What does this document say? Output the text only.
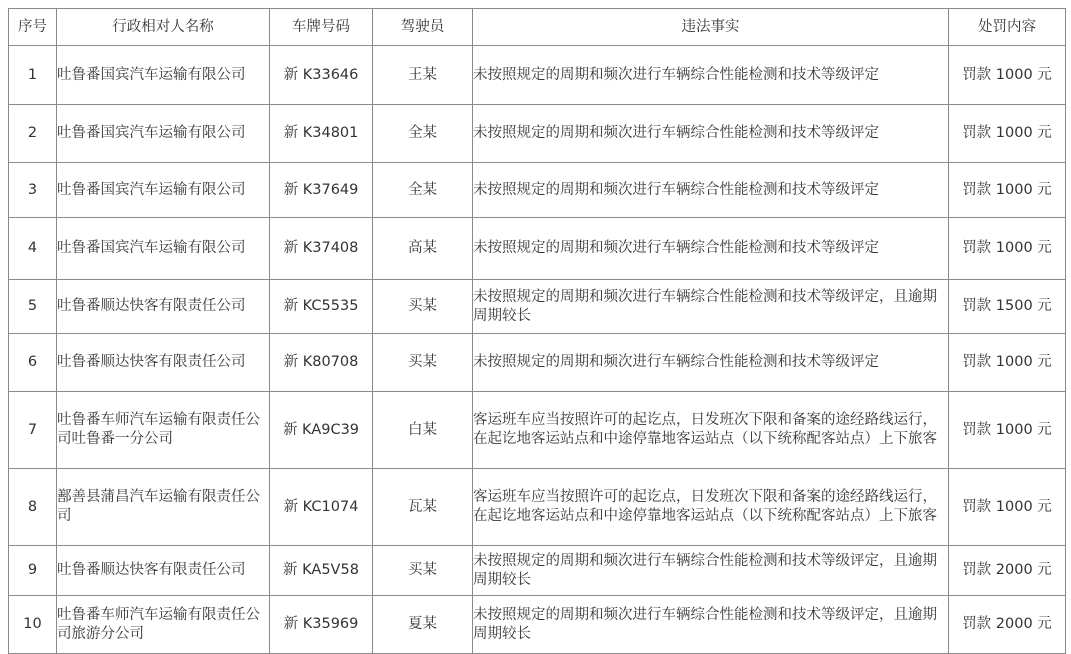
序号	行政相对人名称	车牌号码	驾驶员	违法事实	处罚内容
1	吐鲁番国宾汽车运输有限公司	新 K33646	王某	未按照规定的周期和频次进行车辆综合性能检测和技术等级评定	罚款 1000 元
2	吐鲁番国宾汽车运输有限公司	新 K34801	全某	未按照规定的周期和频次进行车辆综合性能检测和技术等级评定	罚款 1000 元
3	吐鲁番国宾汽车运输有限公司	新 K37649	全某	未按照规定的周期和频次进行车辆综合性能检测和技术等级评定	罚款 1000 元
4	吐鲁番国宾汽车运输有限公司	新 K37408	高某	未按照规定的周期和频次进行车辆综合性能检测和技术等级评定	罚款 1000 元
5	吐鲁番顺达快客有限责任公司	新 KC5535	买某	未按照规定的周期和频次进行车辆综合性能检测和技术等级评定，且逾期周期较长	罚款 1500 元
6	吐鲁番顺达快客有限责任公司	新 K80708	买某	未按照规定的周期和频次进行车辆综合性能检测和技术等级评定	罚款 1000 元
7	吐鲁番车师汽车运输有限责任公司吐鲁番一分公司	新 KA9C39	白某	客运班车应当按照许可的起讫点，日发班次下限和备案的途经路线运行，在起讫地客运站点和中途停靠地客运站点（以下统称配客站点）上下旅客	罚款 1000 元
8	鄯善县蒲昌汽车运输有限责任公司	新 KC1074	瓦某	客运班车应当按照许可的起讫点，日发班次下限和备案的途经路线运行，在起讫地客运站点和中途停靠地客运站点（以下统称配客站点）上下旅客	罚款 1000 元
9	吐鲁番顺达快客有限责任公司	新 KA5V58	买某	未按照规定的周期和频次进行车辆综合性能检测和技术等级评定，且逾期周期较长	罚款 2000 元
10	吐鲁番车师汽车运输有限责任公司旅游分公司	新 K35969	夏某	未按照规定的周期和频次进行车辆综合性能检测和技术等级评定，且逾期周期较长	罚款 2000 元
